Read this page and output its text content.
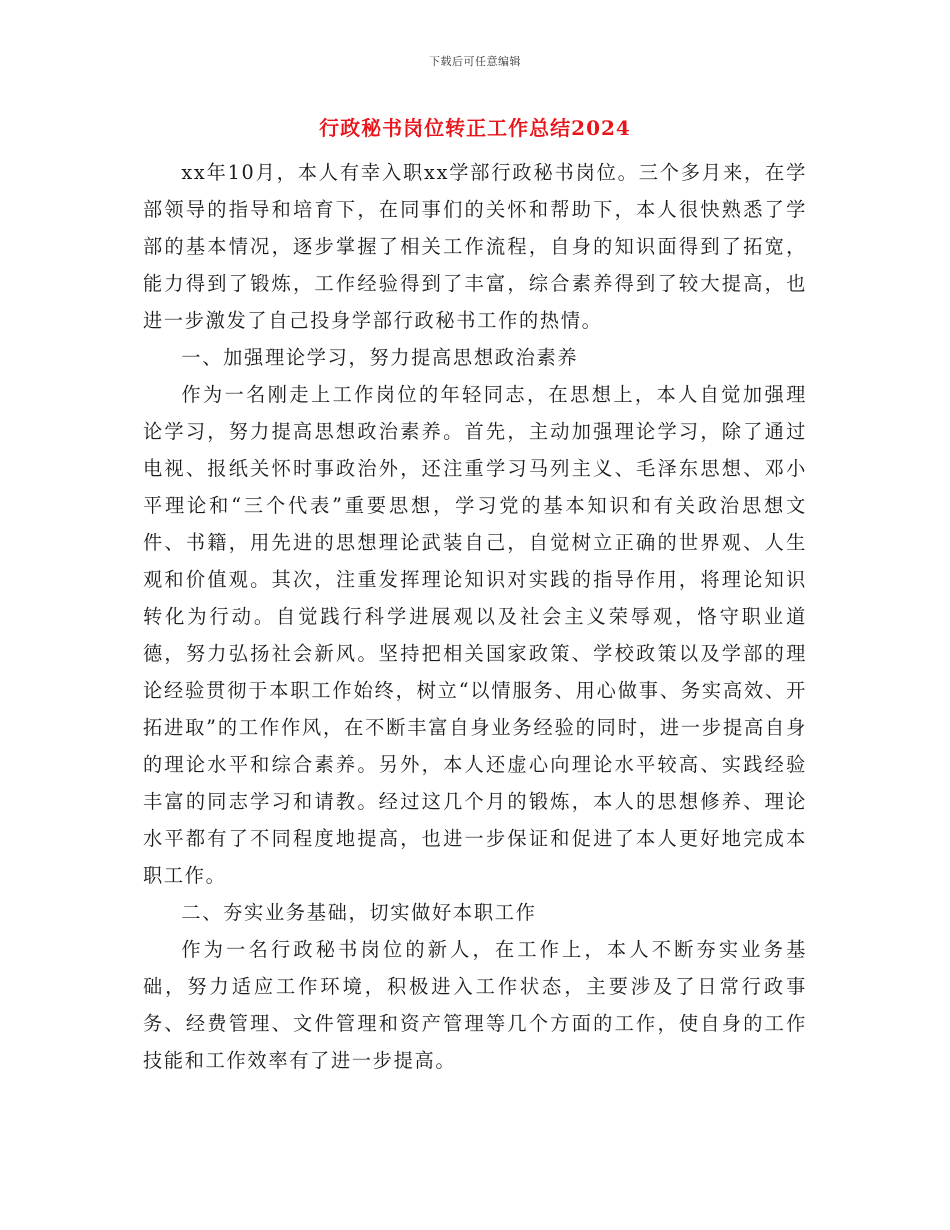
下载后可任意编辑
行政秘书岗位转正工作总结2024

xx年10月，本人有幸入职xx学部行政秘书岗位。三个多月来，在学部领导的指导和培育下，在同事们的关怀和帮助下，本人很快熟悉了学部的基本情况，逐步掌握了相关工作流程，自身的知识面得到了拓宽，能力得到了锻炼，工作经验得到了丰富，综合素养得到了较大提高，也进一步激发了自己投身学部行政秘书工作的热情。

一、加强理论学习，努力提高思想政治素养

作为一名刚走上工作岗位的年轻同志，在思想上，本人自觉加强理论学习，努力提高思想政治素养。首先，主动加强理论学习，除了通过电视、报纸关怀时事政治外，还注重学习马列主义、毛泽东思想、邓小平理论和“三个代表”重要思想，学习党的基本知识和有关政治思想文件、书籍，用先进的思想理论武装自己，自觉树立正确的世界观、人生观和价值观。其次，注重发挥理论知识对实践的指导作用，将理论知识转化为行动。自觉践行科学进展观以及社会主义荣辱观，恪守职业道德，努力弘扬社会新风。坚持把相关国家政策、学校政策以及学部的理论经验贯彻于本职工作始终，树立“以情服务、用心做事、务实高效、开拓进取”的工作作风，在不断丰富自身业务经验的同时，进一步提高自身的理论水平和综合素养。另外，本人还虚心向理论水平较高、实践经验丰富的同志学习和请教。经过这几个月的锻炼，本人的思想修养、理论水平都有了不同程度地提高，也进一步保证和促进了本人更好地完成本职工作。

二、夯实业务基础，切实做好本职工作

作为一名行政秘书岗位的新人，在工作上，本人不断夯实业务基础，努力适应工作环境，积极进入工作状态，主要涉及了日常行政事务、经费管理、文件管理和资产管理等几个方面的工作，使自身的工作技能和工作效率有了进一步提高。
